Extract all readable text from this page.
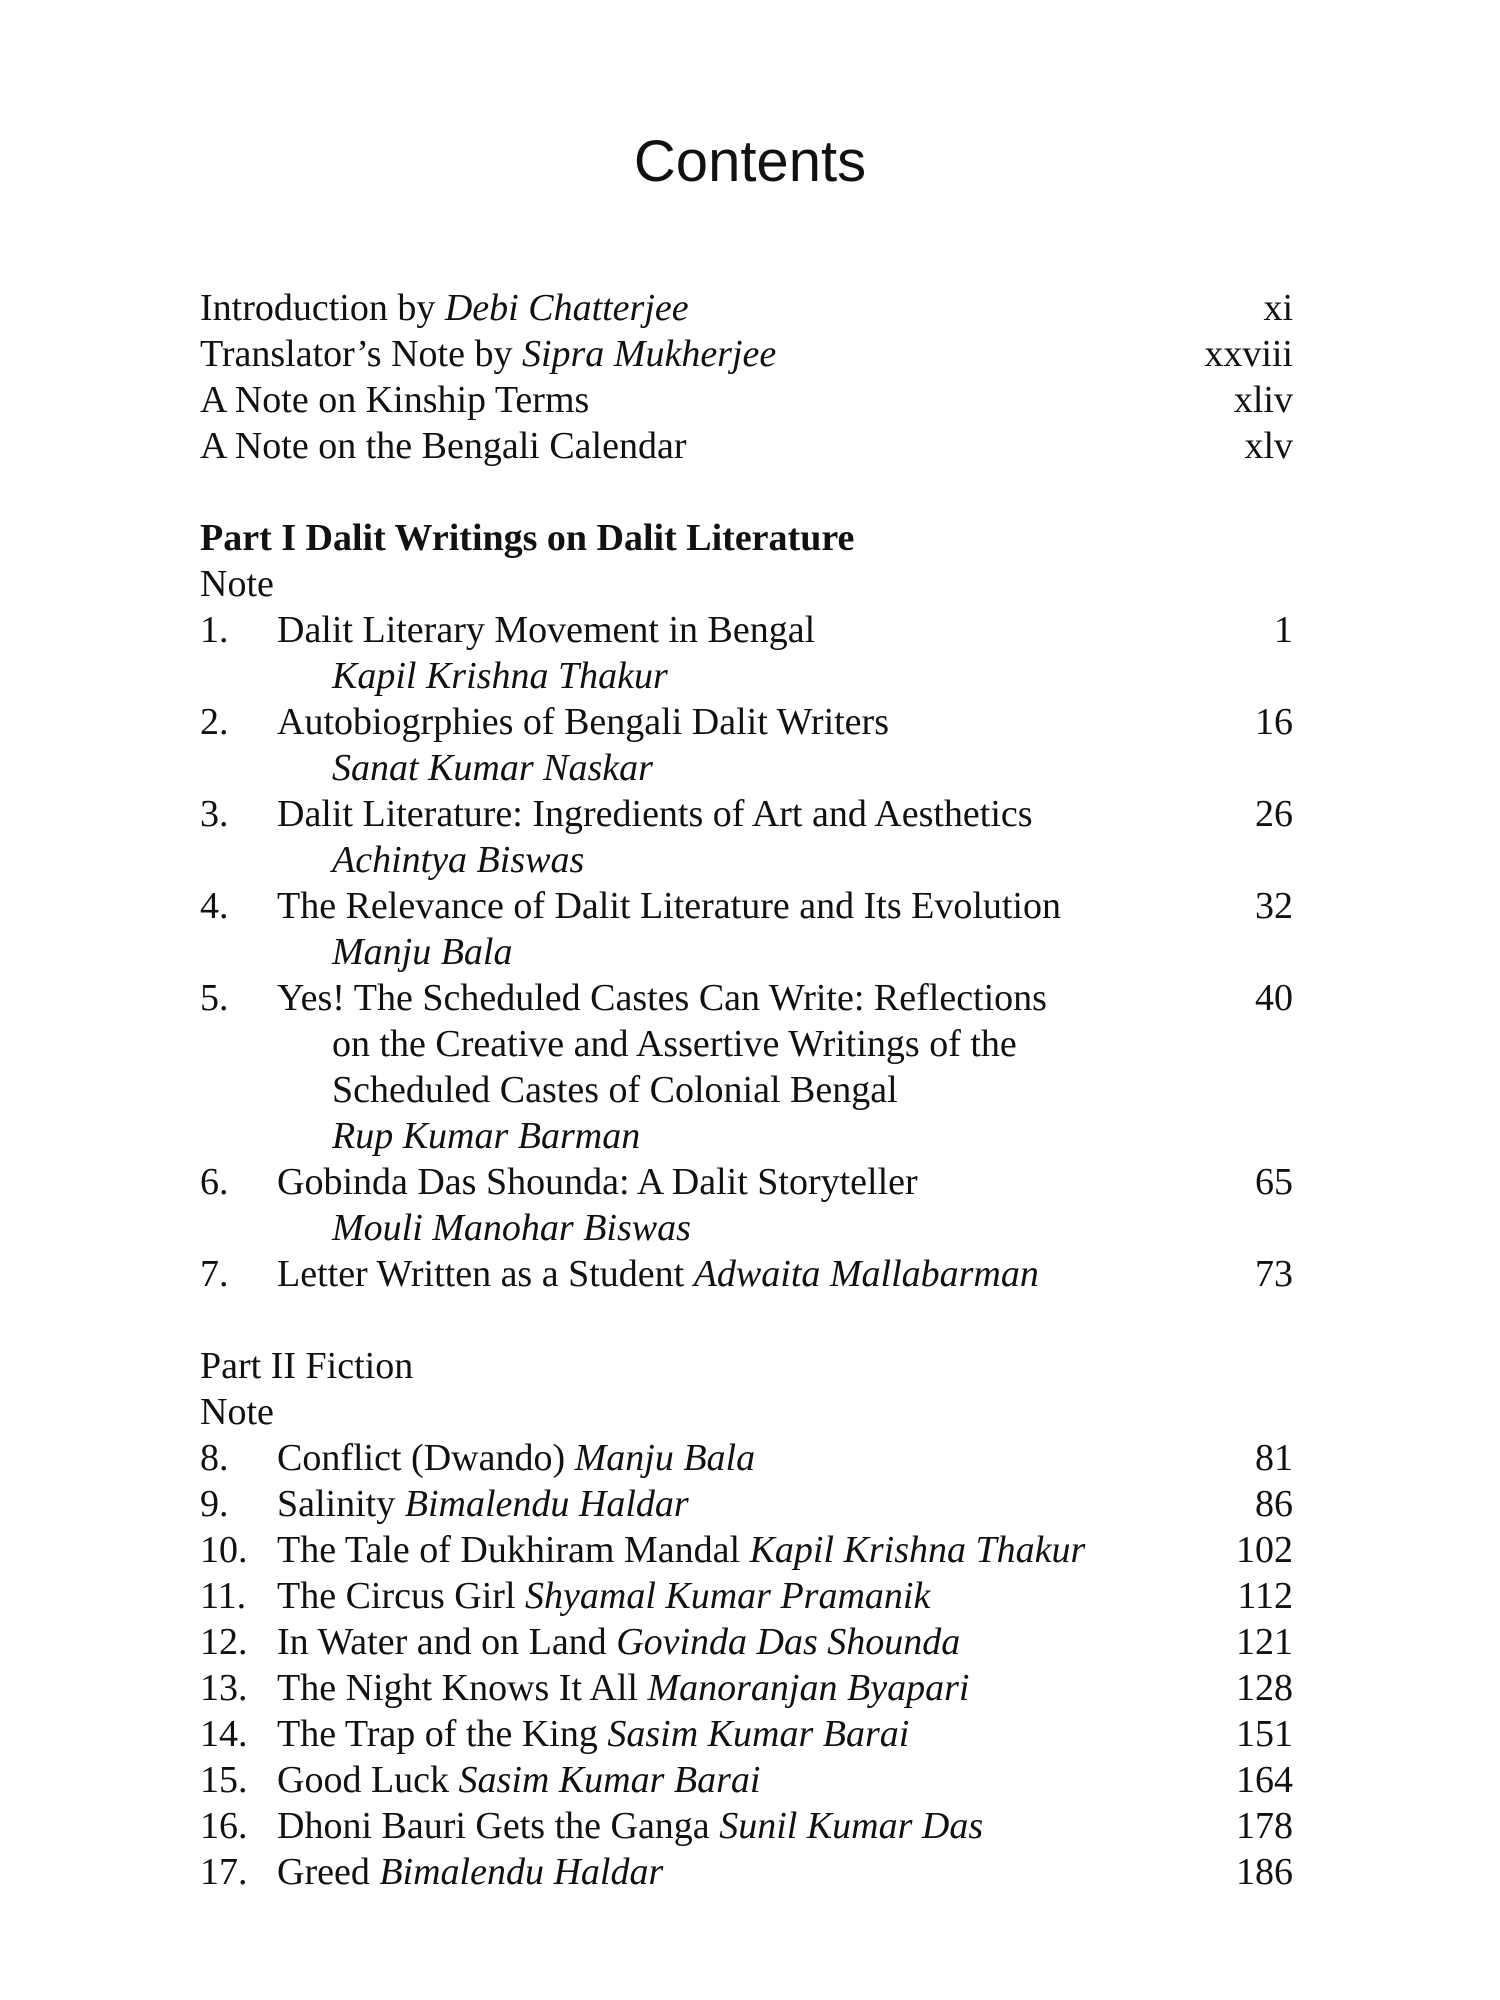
Contents
Introduction by Debi Chatterjee	xi
Translator’s Note by Sipra Mukherjee	xxviii
A Note on Kinship Terms	xliv
A Note on the Bengali Calendar	xlv
Part I Dalit Writings on Dalit Literature
Note
1.	Dalit Literary Movement in Bengal	1
Kapil Krishna Thakur
2.	Autobiogrphies of Bengali Dalit Writers	16
Sanat Kumar Naskar
3.	Dalit Literature: Ingredients of Art and Aesthetics	26
Achintya Biswas
4.	The Relevance of Dalit Literature and Its Evolution	32
Manju Bala
5.	Yes! The Scheduled Castes Can Write: Reflections	40
on the Creative and Assertive Writings of the
Scheduled Castes of Colonial Bengal
Rup Kumar Barman
6.	Gobinda Das Shounda: A Dalit Storyteller	65
Mouli Manohar Biswas
7.	Letter Written as a Student Adwaita Mallabarman	73
Part II Fiction
Note
8.	Conflict (Dwando) Manju Bala	81
9.	Salinity Bimalendu Haldar	86
10. The Tale of Dukhiram Mandal Kapil Krishna Thakur	102
11. The Circus Girl Shyamal Kumar Pramanik	112
12. In Water and on Land Govinda Das Shounda	121
13. The Night Knows It All Manoranjan Byapari	128
14. The Trap of the King Sasim Kumar Barai	151
15. Good Luck Sasim Kumar Barai	164
16. Dhoni Bauri Gets the Ganga Sunil Kumar Das	178
17. Greed Bimalendu Haldar	186
